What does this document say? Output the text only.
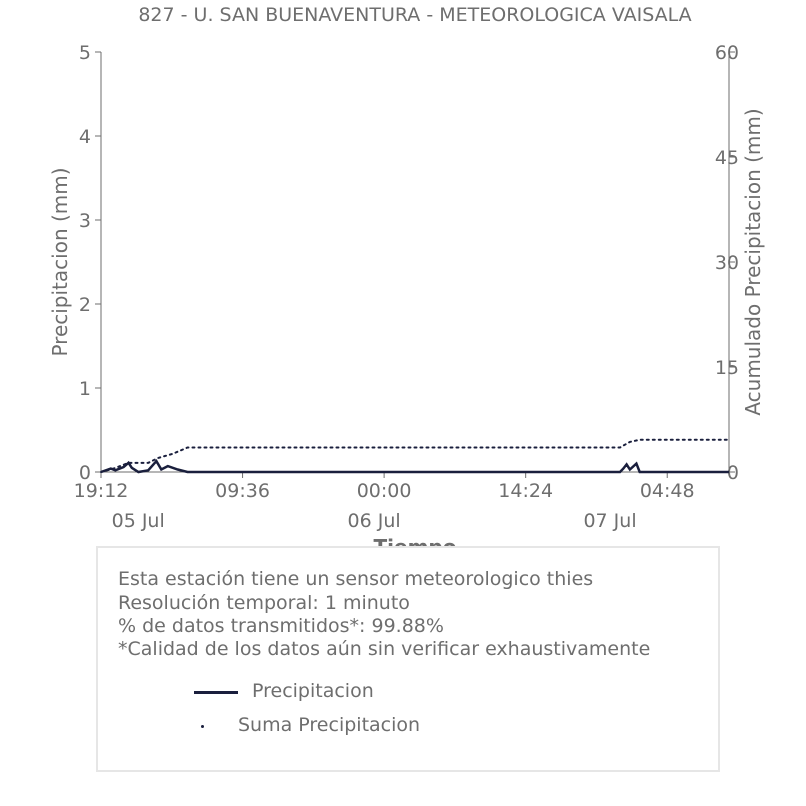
827 - U. SAN BUENAVENTURA - METEOROLOGICA VAISALA
0
1
2
3
4
5
0
15
30
45
60
19:12	09:36	00:00	14:24	04:48
05 Jul	06 Jul	07 Jul
Precipitacion (mm)	Acumulado Precipitacion (mm)
Esta estación tiene un sensor meteorologico thies
Resolución temporal: 1 minuto
% de datos transmitidos*: 99.88%
*Calidad de los datos aún sin verificar exhaustivamente
Precipitacion
Suma Precipitacion
